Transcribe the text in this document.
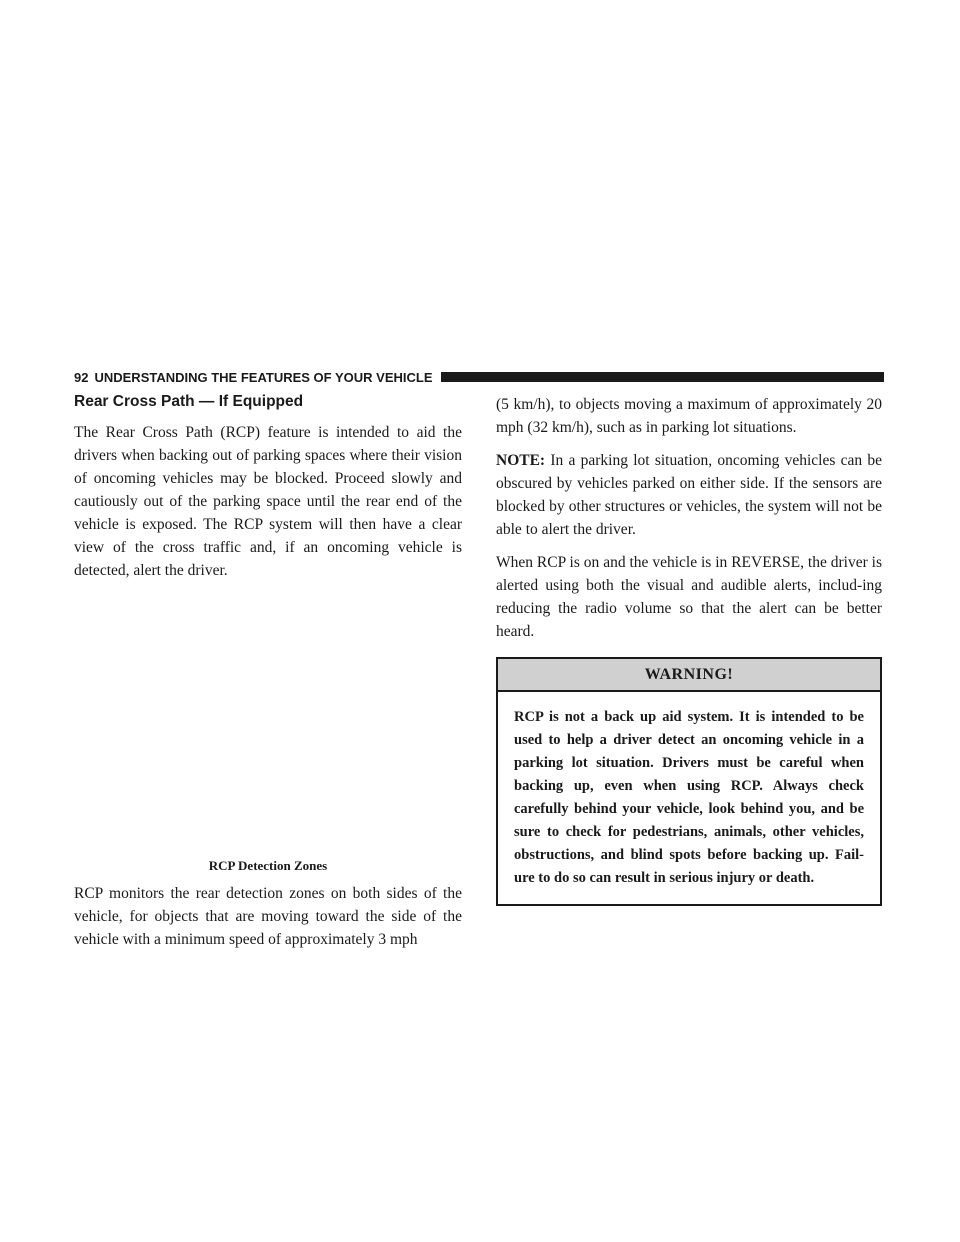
92 UNDERSTANDING THE FEATURES OF YOUR VEHICLE
Rear Cross Path — If Equipped

The Rear Cross Path (RCP) feature is intended to aid the drivers when backing out of parking spaces where their vision of oncoming vehicles may be blocked. Proceed slowly and cautiously out of the parking space until the rear end of the vehicle is exposed. The RCP system will then have a clear view of the cross traffic and, if an oncoming vehicle is detected, alert the driver.

RCP Detection Zones

RCP monitors the rear detection zones on both sides of the vehicle, for objects that are moving toward the side of the vehicle with a minimum speed of approximately 3 mph

(5 km/h), to objects moving a maximum of approximately 20 mph (32 km/h), such as in parking lot situations.

NOTE: In a parking lot situation, oncoming vehicles can be obscured by vehicles parked on either side. If the sensors are blocked by other structures or vehicles, the system will not be able to alert the driver.

When RCP is on and the vehicle is in REVERSE, the driver is alerted using both the visual and audible alerts, includ-ing reducing the radio volume so that the alert can be better heard.

WARNING!
RCP is not a back up aid system. It is intended to be used to help a driver detect an oncoming vehicle in a parking lot situation. Drivers must be careful when backing up, even when using RCP. Always check carefully behind your vehicle, look behind you, and be sure to check for pedestrians, animals, other vehicles, obstructions, and blind spots before backing up. Fail-ure to do so can result in serious injury or death.
